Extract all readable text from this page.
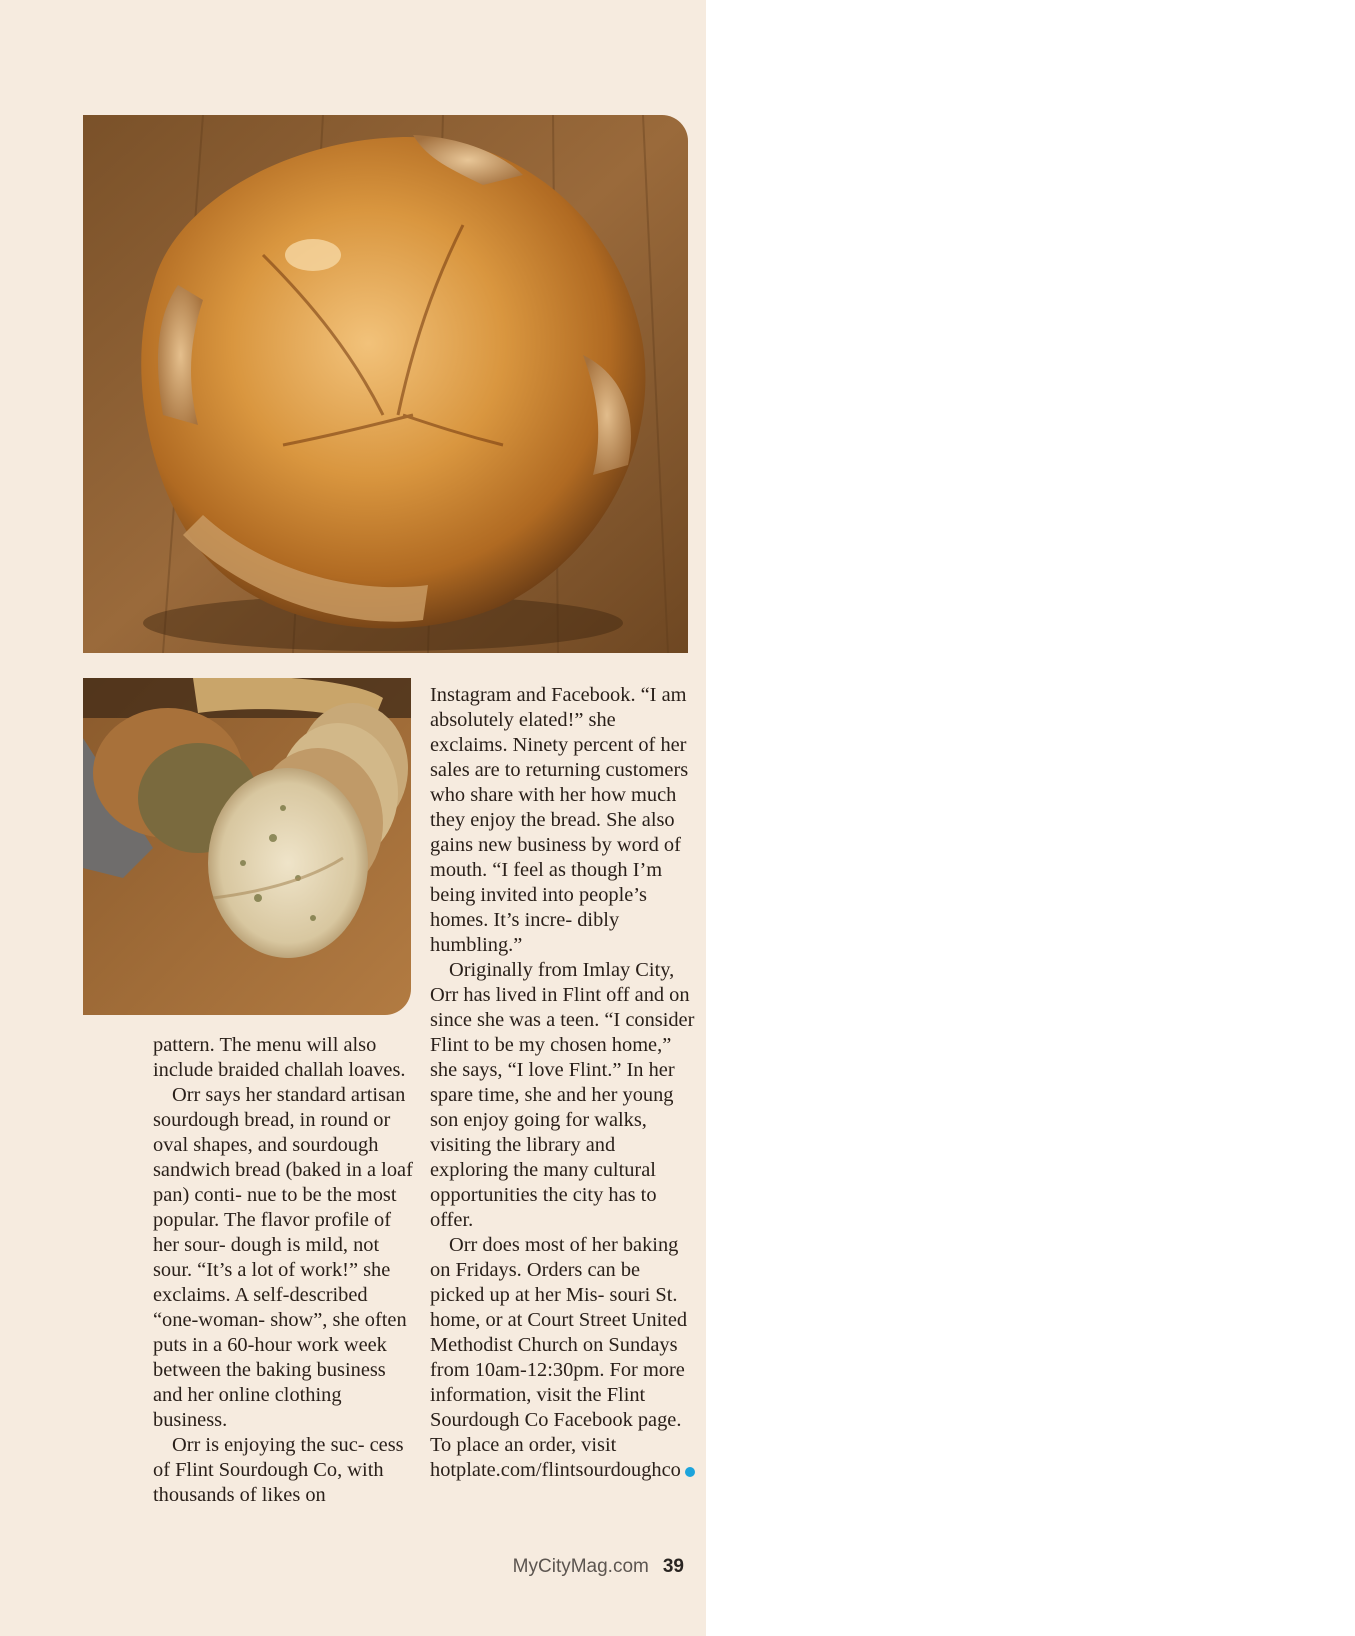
pattern. The menu will also include braided challah loaves.

Orr says her standard artisan sourdough bread, in round or oval shapes, and sourdough sandwich bread (baked in a loaf pan) conti- nue to be the most popular. The flavor profile of her sour- dough is mild, not sour. “It’s a lot of work!” she exclaims. A self-described “one-woman- show”, she often puts in a 60-hour work week between the baking business and her online clothing business.

Orr is enjoying the suc- cess of Flint Sourdough Co, with thousands of likes on

Instagram and Facebook. “I am absolutely elated!” she exclaims. Ninety percent of her sales are to returning customers who share with her how much they enjoy the bread. She also gains new business by word of mouth. “I feel as though I’m being invited into people’s homes. It’s incre- dibly humbling.”

Originally from Imlay City, Orr has lived in Flint off and on since she was a teen. “I consider Flint to be my chosen home,” she says, “I love Flint.” In her spare time, she and her young son enjoy going for walks, visiting the library and exploring the many cultural opportunities the city has to offer.

Orr does most of her baking on Fridays. Orders can be picked up at her Mis- souri St. home, or at Court Street United Methodist Church on Sundays from 10am-12:30pm. For more information, visit the Flint Sourdough Co Facebook page. To place an order, visit hotplate.com/flintsourdoughco

MyCityMag.com 39
